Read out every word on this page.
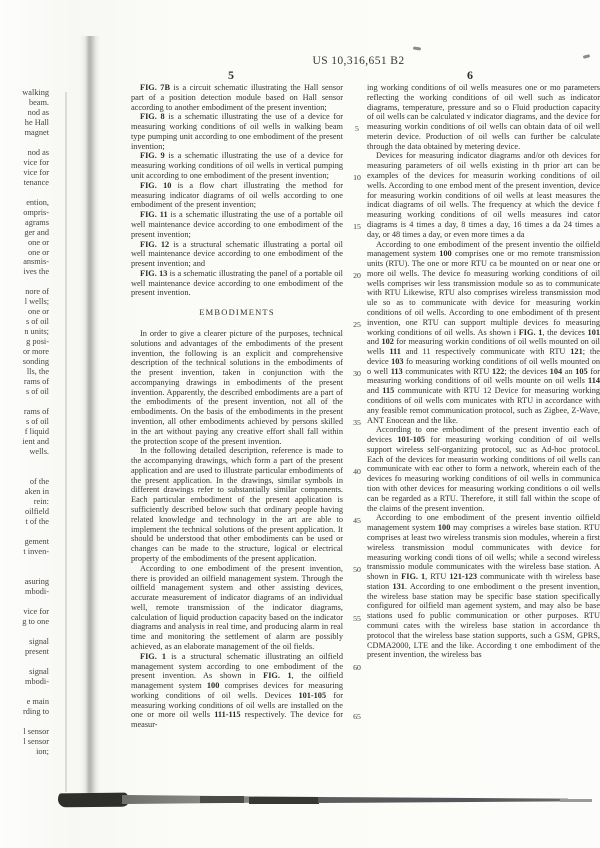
walking
beam.
nod as
he Hall
magnet
nod as
vice for
vice for
tenance
ention,
ompris-
agrams
ger and
one or
one or
ansmis-
ives the
nore of
l wells;
one or
s of oil
n units;
g posi-
or more
sonding
lls, the
rams of
s of oil
rams of
s of oil
f liquid
ient and
wells.
of the
aken in
rein:
oilfield
t of the
gement
t inven-
asuring
mbodi-
vice for
g to one
signal
present
signal
mbodi-
e main
rding to
l sensor
l sensor
ion;
US 10,316,651 B2
5	6

FIG. 7B is a circuit schematic illustrating the Hall sensor part of a position detection module based on Hall sensor according to another embodiment of the present invention;

FIG. 8 is a schematic illustrating the use of a device for measuring working conditions of oil wells in walking beam type pumping unit according to one embodiment of the present invention;

FIG. 9 is a schematic illustrating the use of a device for measuring working conditions of oil wells in vertical pumping unit according to one embodiment of the present invention;

FIG. 10 is a flow chart illustrating the method for measuring indicator diagrams of oil wells according to one embodiment of the present invention;

FIG. 11 is a schematic illustrating the use of a portable oil well maintenance device according to one embodiment of the present invention;

FIG. 12 is a structural schematic illustrating a portal oil well maintenance device according to one embodiment of the present invention; and

FIG. 13 is a schematic illustrating the panel of a portable oil well maintenance device according to one embodiment of the present invention.

EMBODIMENTS

In order to give a clearer picture of the purposes, technical solutions and advantages of the embodiments of the present invention, the following is an explicit and comprehensive description of the technical solutions in the embodiments of the present invention, taken in conjunction with the accompanying drawings in embodiments of the present invention. Apparently, the described embodiments are a part of the embodiments of the present invention, not all of the embodiments. On the basis of the embodiments in the present invention, all other embodiments achieved by persons skilled in the art without paying any creative effort shall fall within the protection scope of the present invention.

In the following detailed description, reference is made to the accompanying drawings, which form a part of the present application and are used to illustrate particular embodiments of the present application. In the drawings, similar symbols in different drawings refer to substantially similar components. Each particular embodiment of the present application is sufficiently described below such that ordinary people having related knowledge and technology in the art are able to implement the technical solutions of the present application. It should be understood that other embodiments can be used or changes can be made to the structure, logical or electrical property of the embodiments of the present application.

According to one embodiment of the present invention, there is provided an oilfield management system. Through the oilfield management system and other assisting devices, accurate measurement of indicator diagrams of an individual well, remote transmission of the indicator diagrams, calculation of liquid production capacity based on the indicator diagrams and analysis in real time, and producing alarm in real time and monitoring the settlement of alarm are possibly achieved, as an elaborate management of the oil fields.

FIG. 1 is a structural schematic illustrating an oilfield management system according to one embodiment of the present invention. As shown in FIG. 1, the oilfield management system 100 comprises devices for measuring working conditions of oil wells. Devices 101-105 for measuring working conditions of oil wells are installed on the one or more oil wells 111-115 respectively. The device for measur-

5
10
15
20
25
30
35
40
45
50
55
60
65

ing working conditions of oil wells measures one or mo parameters reflecting the working conditions of oil well such as indicator diagrams, temperature, pressure and so o Fluid production capacity of oil wells can be calculated v indicator diagrams, and the device for measuring workin conditions of oil wells can obtain data of oil well meterin device. Production of oil wells can further be calculate through the data obtained by metering device.

Devices for measuring indicator diagrams and/or oth devices for measuring parameters of oil wells existing in th prior art can be examples of the devices for measurin working conditions of oil wells. According to one embod ment of the present invention, device for measuring workin conditions of oil wells at least measures the indicat diagrams of oil wells. The frequency at which the device f measuring working conditions of oil wells measures ind cator diagrams is 4 times a day, 8 times a day, 16 times a da 24 times a day, or 48 times a day, or even more times a da

According to one embodiment of the present inventio the oilfield management system 100 comprises one or mo remote transmission units (RTU). The one or more RTU ca be mounted on or near one or more oil wells. The device fo measuring working conditions of oil wells comprises wir less transmission module so as to communicate with RTU Likewise, RTU also comprises wireless transmission mod ule so as to communicate with device for measuring workin conditions of oil wells. According to one embodiment of th present invention, one RTU can support multiple devices fo measuring working conditions of oil wells. As shown i FIG. 1, the devices 101 and 102 for measuring workin conditions of oil wells mounted on oil wells 111 and 11 respectively communicate with RTU 121; the device 103 fo measuring working conditions of oil wells mounted on o well 113 communicates with RTU 122; the devices 104 an 105 for measuring working conditions of oil wells mounte on oil wells 114 and 115 communicate with RTU 12 Device for measuring working conditions of oil wells com municates with RTU in accordance with any feasible remot communication protocol, such as Zigbee, Z-Wave, ANT Enocean and the like.

According to one embodiment of the present inventio each of devices 101-105 for measuring working condition of oil wells support wireless self-organizing protocol, suc as Ad-hoc protocol. Each of the devices for measurin working conditions of oil wells can communicate with eac other to form a network, wherein each of the devices fo measuring working conditions of oil wells in communica tion with other devices for measuring working conditions o oil wells can be regarded as a RTU. Therefore, it still fall within the scope of the claims of the present invention.

According to one embodiment of the present inventio oilfield management system 100 may comprises a wireles base station. RTU comprises at least two wireless transmis sion modules, wherein a first wireless transmission modul communicates with device for measuring working condi tions of oil wells; while a second wireless transmissio module communicates with the wireless base station. A shown in FIG. 1, RTU 121-123 communicate with th wireless base station 131. According to one embodiment o the present invention, the wireless base station may be specific base station specifically configured for oilfield man agement system, and may also be base stations used fo public communication or other purposes. RTU communi cates with the wireless base station in accordance th protocol that the wireless base station supports, such a GSM, GPRS, CDMA2000, LTE and the like. According t one embodiment of the present invention, the wireless bas
